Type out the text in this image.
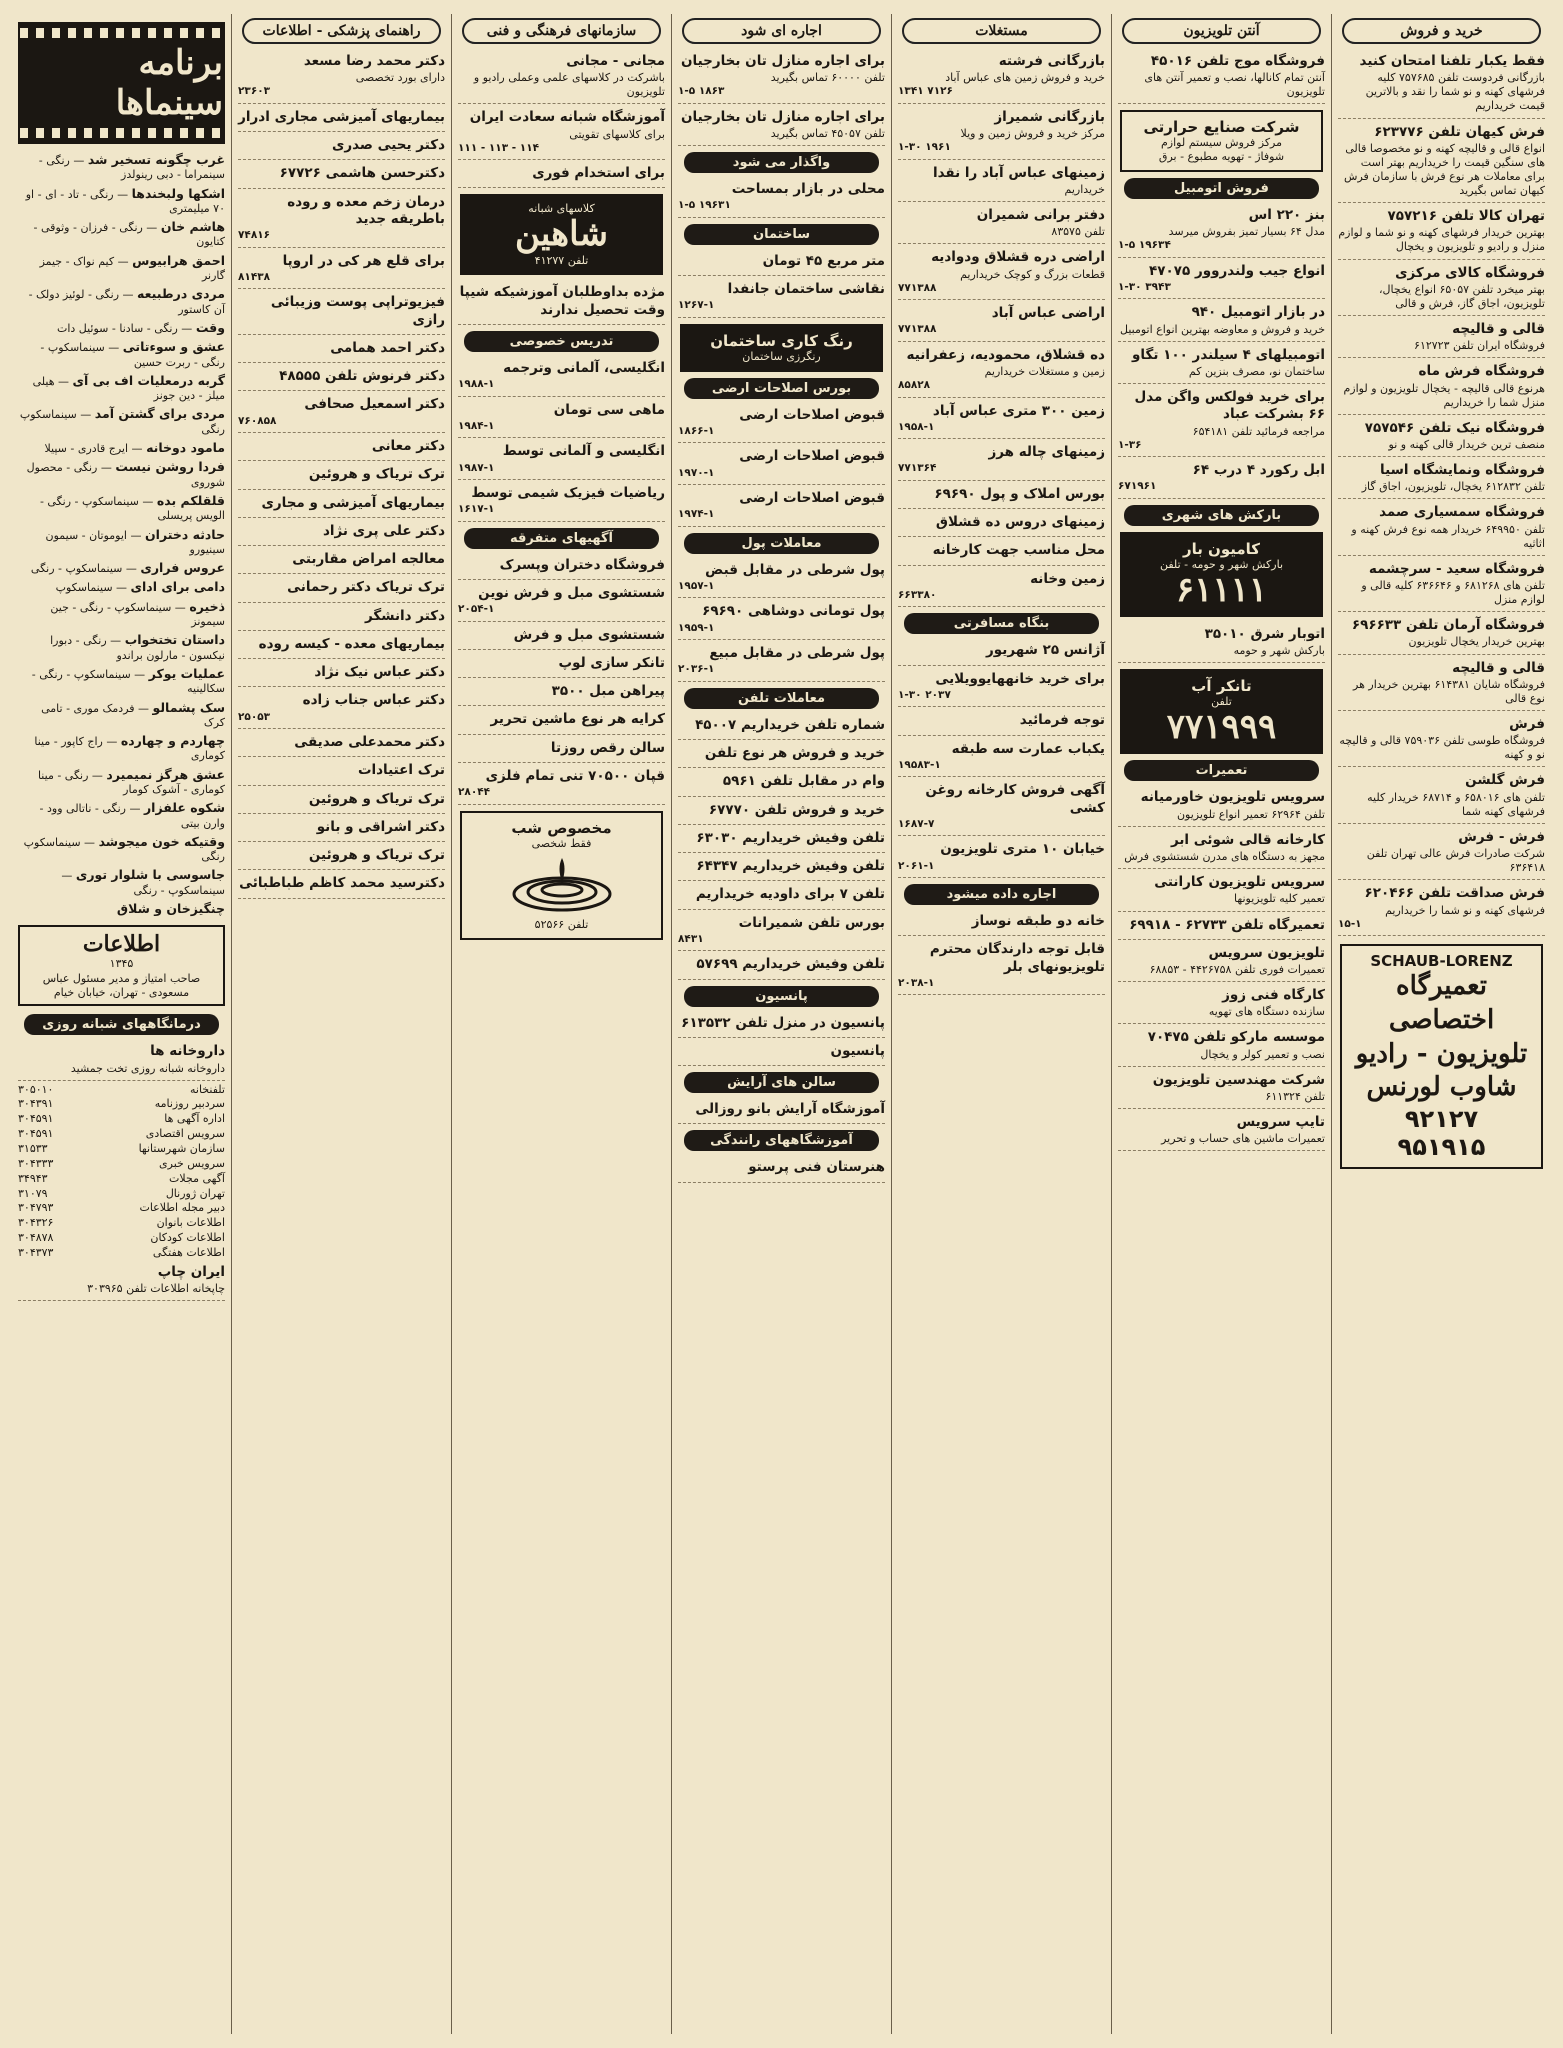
خرید و فروش
فقط یکبار تلفنا امتحان کنید
بازرگانی فردوست تلفن ۷۵۷۶۸۵ کلیه فرشهای کهنه و نو شما را نقد و بالاترین قیمت خریداریم
فرش کیهان تلفن ۶۲۳۷۷۶
انواع قالی و قالیچه کهنه و نو مخصوصا قالی های سنگین قیمت را خریداریم بهتر است برای معاملات هر نوع فرش با سازمان فرش کیهان تماس بگیرید
تهران کالا تلفن ۷۵۷۲۱۶
بهترین خریدار فرشهای کهنه و نو شما و لوازم منزل و رادیو و تلویزیون و یخچال
فروشگاه کالای مرکزی
بهتر میخرد تلفن ۶۵۰۵۷ انواع یخچال، تلویزیون، اجاق گاز، فرش و قالی
قالی و قالیچه
فروشگاه ایران تلفن ۶۱۲۷۲۳
فروشگاه فرش ماه
هرنوع قالی قالیچه - یخچال تلویزیون و لوازم منزل شما را خریداریم
فروشگاه نیک تلفن ۷۵۷۵۴۶
منصف ترین خریدار قالی کهنه و نو
فروشگاه ونمایشگاه اسیا
تلفن ۶۱۲۸۳۲ یخچال، تلویزیون، اجاق گاز
فروشگاه سمسیاری صمد
تلفن ۶۴۹۹۵۰ خریدار همه نوع فرش کهنه و اثاثیه
فروشگاه سعید - سرچشمه
تلفن های ۶۸۱۲۶۸ و ۶۳۶۶۴۶ کلیه قالی و لوازم منزل
فروشگاه آرمان تلفن ۶۹۶۶۳۳
بهترین خریدار یخچال تلویزیون
قالی و قالیچه
فروشگاه شایان ۶۱۴۳۸۱ بهترین خریدار هر نوع قالی
فرش
فروشگاه طوسی تلفن ۷۵۹۰۳۶ قالی و قالیچه نو و کهنه
فرش گلشن
تلفن های ۶۵۸۰۱۶ و ۶۸۷۱۴ خریدار کلیه فرشهای کهنه شما
فرش - فرش
شرکت صادرات فرش عالی تهران تلفن ۶۳۶۴۱۸
فرش صداقت تلفن ۶۲۰۴۶۶
فرشهای کهنه و نو شما را خریداریم
۱۵-۱
SCHAUB-LORENZ
تعمیرگاه اختصاصی
تلویزیون - رادیو
شاوب لورنس
۹۲۱۲۷
۹۵۱۹۱۵
آنتن تلویزیون
فروشگاه موج تلفن ۴۵۰۱۶
آنتن تمام کانالها، نصب و تعمیر آنتن های تلویزیون
شرکت صنایع حرارتی
مرکز فروش سیستم لوازم
شوفاژ - تهویه مطبوع - برق
فروش اتومبیل
بنز ۲۲۰ اس
مدل ۶۴ بسیار تمیز بفروش میرسد
۱-۵ ۱۹۶۳۴
انواع جیب ولندروور ۴۷۰۷۵
۱-۳۰ ۳۹۴۳
در بازار اتومبیل ۹۴۰
خرید و فروش و معاوضه بهترین انواع اتومبیل
اتومبیلهای ۴ سیلندر ۱۰۰ تگاو
ساختمان نو، مصرف بنزین کم
برای خرید فولکس واگن مدل ۶۶ بشرکت عباد
مراجعه فرمائید تلفن ۶۵۴۱۸۱
۱-۳۶
ابل رکورد ۴ درب ۶۴
۶۷۱۹۶۱
بارکش های شهری
کامیون بار
بارکش شهر و حومه - تلفن
۶۱۱۱۱
اتوبار شرق ۳۵۰۱۰
بارکش شهر و حومه
تانکر آب
تلفن
۷۷۱۹۹۹
تعمیرات
سرویس تلویزیون خاورمیانه
تلفن ۶۲۹۶۴ تعمیر انواع تلویزیون
کارخانه قالی شوئی ابر
مجهز به دستگاه های مدرن شستشوی فرش
سرویس تلویزیون کارانتی
تعمیر کلیه تلویزیونها
تعمیرگاه تلفن ۶۲۷۳۳ - ۶۹۹۱۸
تلویزیون سرویس
تعمیرات فوری تلفن ۴۴۲۶۷۵۸ - ۶۸۸۵۳
کارگاه فنی زوز
سازنده دستگاه های تهویه
موسسه مارکو تلفن ۷۰۴۷۵
نصب و تعمیر کولر و یخچال
شرکت مهندسین تلویزیون
تلفن ۶۱۱۳۲۴
تایپ سرویس
تعمیرات ماشین های حساب و تحریر
مستغلات
بازرگانی فرشته
خرید و فروش زمین های عباس آباد
۱۳۴۱ ۷۱۲۶
بازرگانی شمیراز
مرکز خرید و فروش زمین و ویلا
۱-۳۰ ۱۹۶۱
زمینهای عباس آباد را نقدا
خریداریم
دفتر برانی شمیران
تلفن ۸۳۵۷۵
اراضی دره قشلاق ودوادیه
قطعات بزرگ و کوچک خریداریم
۷۷۱۳۸۸
اراضی عباس آباد
۷۷۱۳۸۸
ده قشلاق، محمودیه، زعفرانیه
زمین و مستغلات خریداریم
۸۵۸۲۸
زمین ۳۰۰ متری عباس آباد
۱۹۵۸-۱
زمینهای چاله هرز
۷۷۱۳۶۴
بورس املاک و پول ۶۹۶۹۰
زمینهای دروس ده قشلاق
محل مناسب جهت کارخانه
زمین وخانه
۶۶۳۳۸۰
بنگاه مسافرتی
آژانس ۲۵ شهریور
برای خرید خانههایوویلایی
۱-۳۰ ۲۰۳۷
توجه فرمائید
یکباب عمارت سه طبقه
۱۹۵۸۳-۱
آگهی فروش کارخانه روغن کشی
۱۶۸۷-۷
خیابان ۱۰ متری تلویزیون
۲۰۶۱-۱
اجاره داده میشود
خانه دو طبقه نوساز
قابل توجه دارندگان محترم تلویزیونهای بلر
۲۰۳۸-۱
اجاره ای شود
برای اجاره منازل تان بخارجیان
تلفن ۶۰۰۰۰ تماس بگیرید
۱-۵ ۱۸۶۳
برای اجاره منازل تان بخارجیان
تلفن ۴۵۰۵۷ تماس بگیرید
واگذار می شود
محلی در بازار بمساحت
۱-۵ ۱۹۶۳۱
ساختمان
متر مربع ۴۵ تومان
نقاشی ساختمان جانفدا
۱۲۶۷-۱
رنگ کاری ساختمان
رنگرزی ساختمان
بورس اصلاحات ارضی
قبوض اصلاحات ارضی
۱۸۶۶-۱
قبوض اصلاحات ارضی
۱۹۷۰-۱
قبوض اصلاحات ارضی
۱۹۷۴-۱
معاملات پول
پول شرطی در مقابل قبض
۱۹۵۷-۱
پول تومانی دوشاهی ۶۹۶۹۰
۱۹۵۹-۱
پول شرطی در مقابل مبیع
۲۰۳۶-۱
معاملات تلفن
شماره تلفن خریداریم ۴۵۰۰۷
خرید و فروش هر نوع تلفن
وام در مقابل تلفن ۵۹۶۱
خرید و فروش تلفن ۶۷۷۷۰
تلفن وفیش خریداریم ۶۳۰۳۰
تلفن وفیش خریداریم ۶۴۳۴۷
تلفن ۷ برای داودیه خریداریم
بورس تلفن شمیرانات
۸۴۳۱
تلفن وفیش خریداریم ۵۷۶۹۹
پانسیون
پانسیون در منزل تلفن ۶۱۳۵۳۲
پانسیون
سالن های آرایش
آموزشگاه آرایش بانو روزالی
آموزشگاههای رانندگی
هنرستان فنی پرستو
سازمانهای فرهنگی و فنی
مجانی - مجانی
باشرکت در کلاسهای علمی وعملی رادیو و تلویزیون
آموزشگاه شبانه سعادت ایران
برای کلاسهای تقویتی
۱۱۱ - ۱۱۳ - ۱۱۴
برای استخدام فوری
کلاسهای شبانه
شاهین
تلفن ۴۱۲۷۷
مژده بداوطلبان آموزشیکه شیپا وقت تحصیل ندارند
تدریس خصوصی
انگلیسی، آلمانی وترجمه
۱۹۸۸-۱
ماهی سی تومان
۱۹۸۴-۱
انگلیسی و آلمانی توسط
۱۹۸۷-۱
ریاضیات فیزیک شیمی توسط
۱۶۱۷-۱
آگهیهای متفرقه
فروشگاه دختران وپسرک
شستشوی مبل و فرش نوین
۲۰۵۴-۱
شستشوی مبل و فرش
تانکر سازی لوپ
پیراهن مبل ۳۵۰۰
کرایه هر نوع ماشین تحریر
سالن رقص روزتا
قپان ۷۰۵۰۰ تنی تمام فلزی
۲۸۰۴۴
مخصوص شب
فقط شخصی
تلفن ۵۲۵۶۶
راهنمای پزشکی - اطلاعات
دکتر محمد رضا مسعد
دارای بورد تخصصی
۲۳۶۰۳
بیماریهای آمیزشی مجاری ادرار
دکتر یحیی صدری
دکترحسن هاشمی ۶۷۷۲۶
درمان زخم معده و روده باطریقه جدید
۷۴۸۱۶
برای قلع هر کی در اروپا
۸۱۴۳۸
فیزیوتراپی پوست وزیبائی رازی
دکتر احمد همامی
دکتر فرنوش تلفن ۴۸۵۵۵
دکتر اسمعیل صحافی
۷۶۰۸۵۸
دکتر معانی
ترک تریاک و هروئین
بیماریهای آمیزشی و مجاری
دکتر علی پری نژاد
معالجه امراض مقاربتی
ترک تریاک دکتر رحمانی
دکتر دانشگر
بیماریهای معده - کیسه روده
دکتر عباس نیک نژاد
دکتر عباس جناب زاده
۲۵۰۵۳
دکتر محمدعلی صدیقی
ترک اعتیادات
ترک تریاک و هروئین
دکتر اشراقی و بانو
ترک تریاک و هروئین
دکترسید محمد کاظم طباطبائی
برنامه سینماها
غرب چگونه تسخیر شد — رنگی - سینمراما - دبی رینولدز
اشکها ولبخندها — رنگی - تاد - ای - او ۷۰ میلیمتری
هاشم خان — رنگی - فرزان - وثوقی - کتایون
احمق هرابیوس — کیم نواک - جیمز گارنر
مردی درطبیعه — رنگی - لوئیز دولک - آن کاستور
وقت — رنگی - سادنا - سوئیل دات
عشق و سوءتاتی — سینماسکوپ - رنگی - ربرت حسین
گربه درمعلیات اف بی آی — هیلی میلز - دین جونز
مردی برای گشتن آمد — سینماسکوپ رنگی
مامود دوخانه — ایرج قادری - سپیلا
فردا روشن نیست — رنگی - محصول شوروی
قلقلکم بده — سینماسکوپ - رنگی - الویس پریسلی
حادثه دختران — ایوموتان - سیمون سینیورو
عروس فراری — سینماسکوپ - رنگی
دامی برای ادای — سینماسکوپ
ذخیره — سینماسکوپ - رنگی - جین سیمونز
داستان تختخواب — رنگی - دبورا نیکسون - مارلون براندو
عملیات یوکر — سینماسکوپ - رنگی - سکالینیه
سک پشمالو — فردمک موری - تامی کرک
چهاردم و چهارده — راج کاپور - مینا کوماری
عشق هرگز نمیمیرد — رنگی - مینا کوماری - آشوک کومار
شکوه علفزار — رنگی - ناتالی وود - وارن بیتی
وقتیکه خون میجوشد — سینماسکوپ رنگی
جاسوسی با شلوار توری — سینماسکوپ - رنگی
چنگیزخان و شلاق
اطلاعات
۱۳۴۵
صاحب امتیاز و مدیر مسئول عباس مسعودی - تهران، خیابان خیام
درمانگاههای شبانه روزی
داروخانه ها
داروخانه شبانه روزی تخت جمشید
تلفنخانه
۳۰۵۰۱۰
سردبیر روزنامه
۳۰۴۳۹۱
اداره آگهی ها
۳۰۴۵۹۱
سرویس اقتصادی
۳۰۴۵۹۱
سازمان شهرستانها
۳۱۵۳۳
سرویس خبری
۳۰۴۳۳۳
آگهی مجلات
۳۴۹۴۳
تهران ژورنال
۳۱۰۷۹
دبیر مجله اطلاعات
۳۰۴۷۹۳
اطلاعات بانوان
۳۰۴۳۲۶
اطلاعات کودکان
۳۰۴۸۷۸
اطلاعات هفتگی
۳۰۴۳۷۳
ایران چاپ
چاپخانه اطلاعات تلفن ۳۰۳۹۶۵
